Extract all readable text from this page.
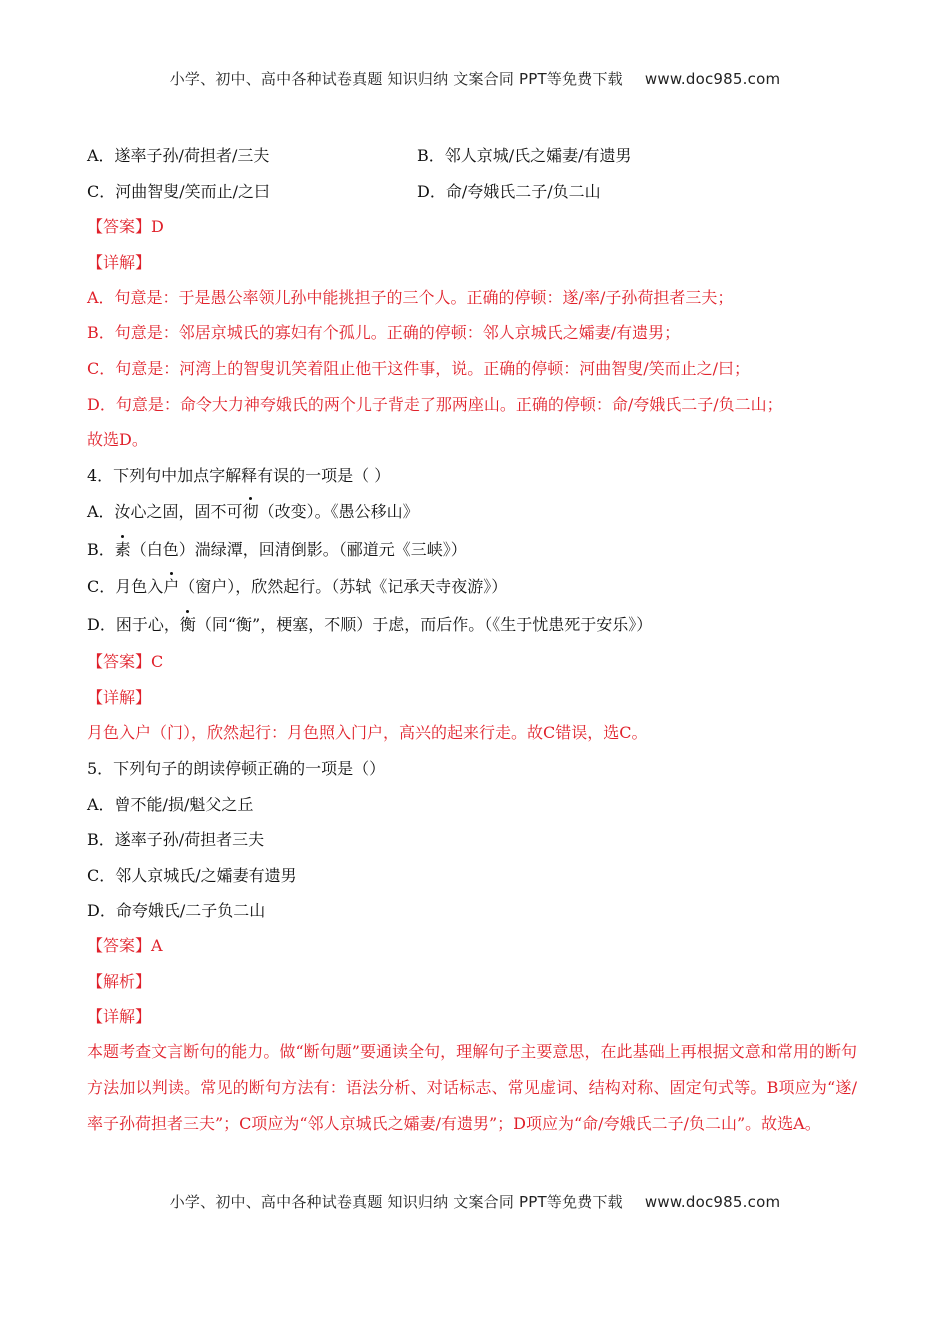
小学、初中、高中各种试卷真题 知识归纳 文案合同 PPT等免费下载 www.doc985.com
A．遂率子孙/荷担者/三夫	B．邻人京城/氏之孀妻/有遗男
C．河曲智叟/笑而止/之曰	D．命/夸娥氏二子/负二山
【答案】D
【详解】
A．句意是：于是愚公率领儿孙中能挑担子的三个人。正确的停顿：遂/率/子孙荷担者三夫；
B．句意是：邻居京城氏的寡妇有个孤儿。正确的停顿：邻人京城氏之孀妻/有遗男；
C．句意是：河湾上的智叟讥笑着阻止他干这件事，说。正确的停顿：河曲智叟/笑而止之/曰；
D．句意是：命令大力神夸娥氏的两个儿子背走了那两座山。正确的停顿：命/夸娥氏二子/负二山；
故选D。
4．下列句中加点字解释有误的一项是（ ）
A．汝心之固，固不可彻（改变）。《愚公移山》
B．素（白色）湍绿潭，回清倒影。（郦道元《三峡》）
C．月色入户（窗户），欣然起行。（苏轼《记承天寺夜游》）
D．困于心，衡（同“衡”，梗塞，不顺）于虑，而后作。（《生于忧患死于安乐》）
【答案】C
【详解】
月色入户（门），欣然起行：月色照入门户，高兴的起来行走。故C错误，选C。
5．下列句子的朗读停顿正确的一项是（）
A．曾不能/损/魁父之丘
B．遂率子孙/荷担者三夫
C．邻人京城氏/之孀妻有遗男
D．命夸娥氏/二子负二山
【答案】A
【解析】
【详解】
本题考查文言断句的能力。做“断句题”要通读全句，理解句子主要意思，在此基础上再根据文意和常用的断句方法加以判读。常见的断句方法有：语法分析、对话标志、常见虚词、结构对称、固定句式等。B项应为“遂/率子孙荷担者三夫”；C项应为“邻人京城氏之孀妻/有遗男”；D项应为“命/夸娥氏二子/负二山”。故选A。
小学、初中、高中各种试卷真题 知识归纳 文案合同 PPT等免费下载 www.doc985.com
